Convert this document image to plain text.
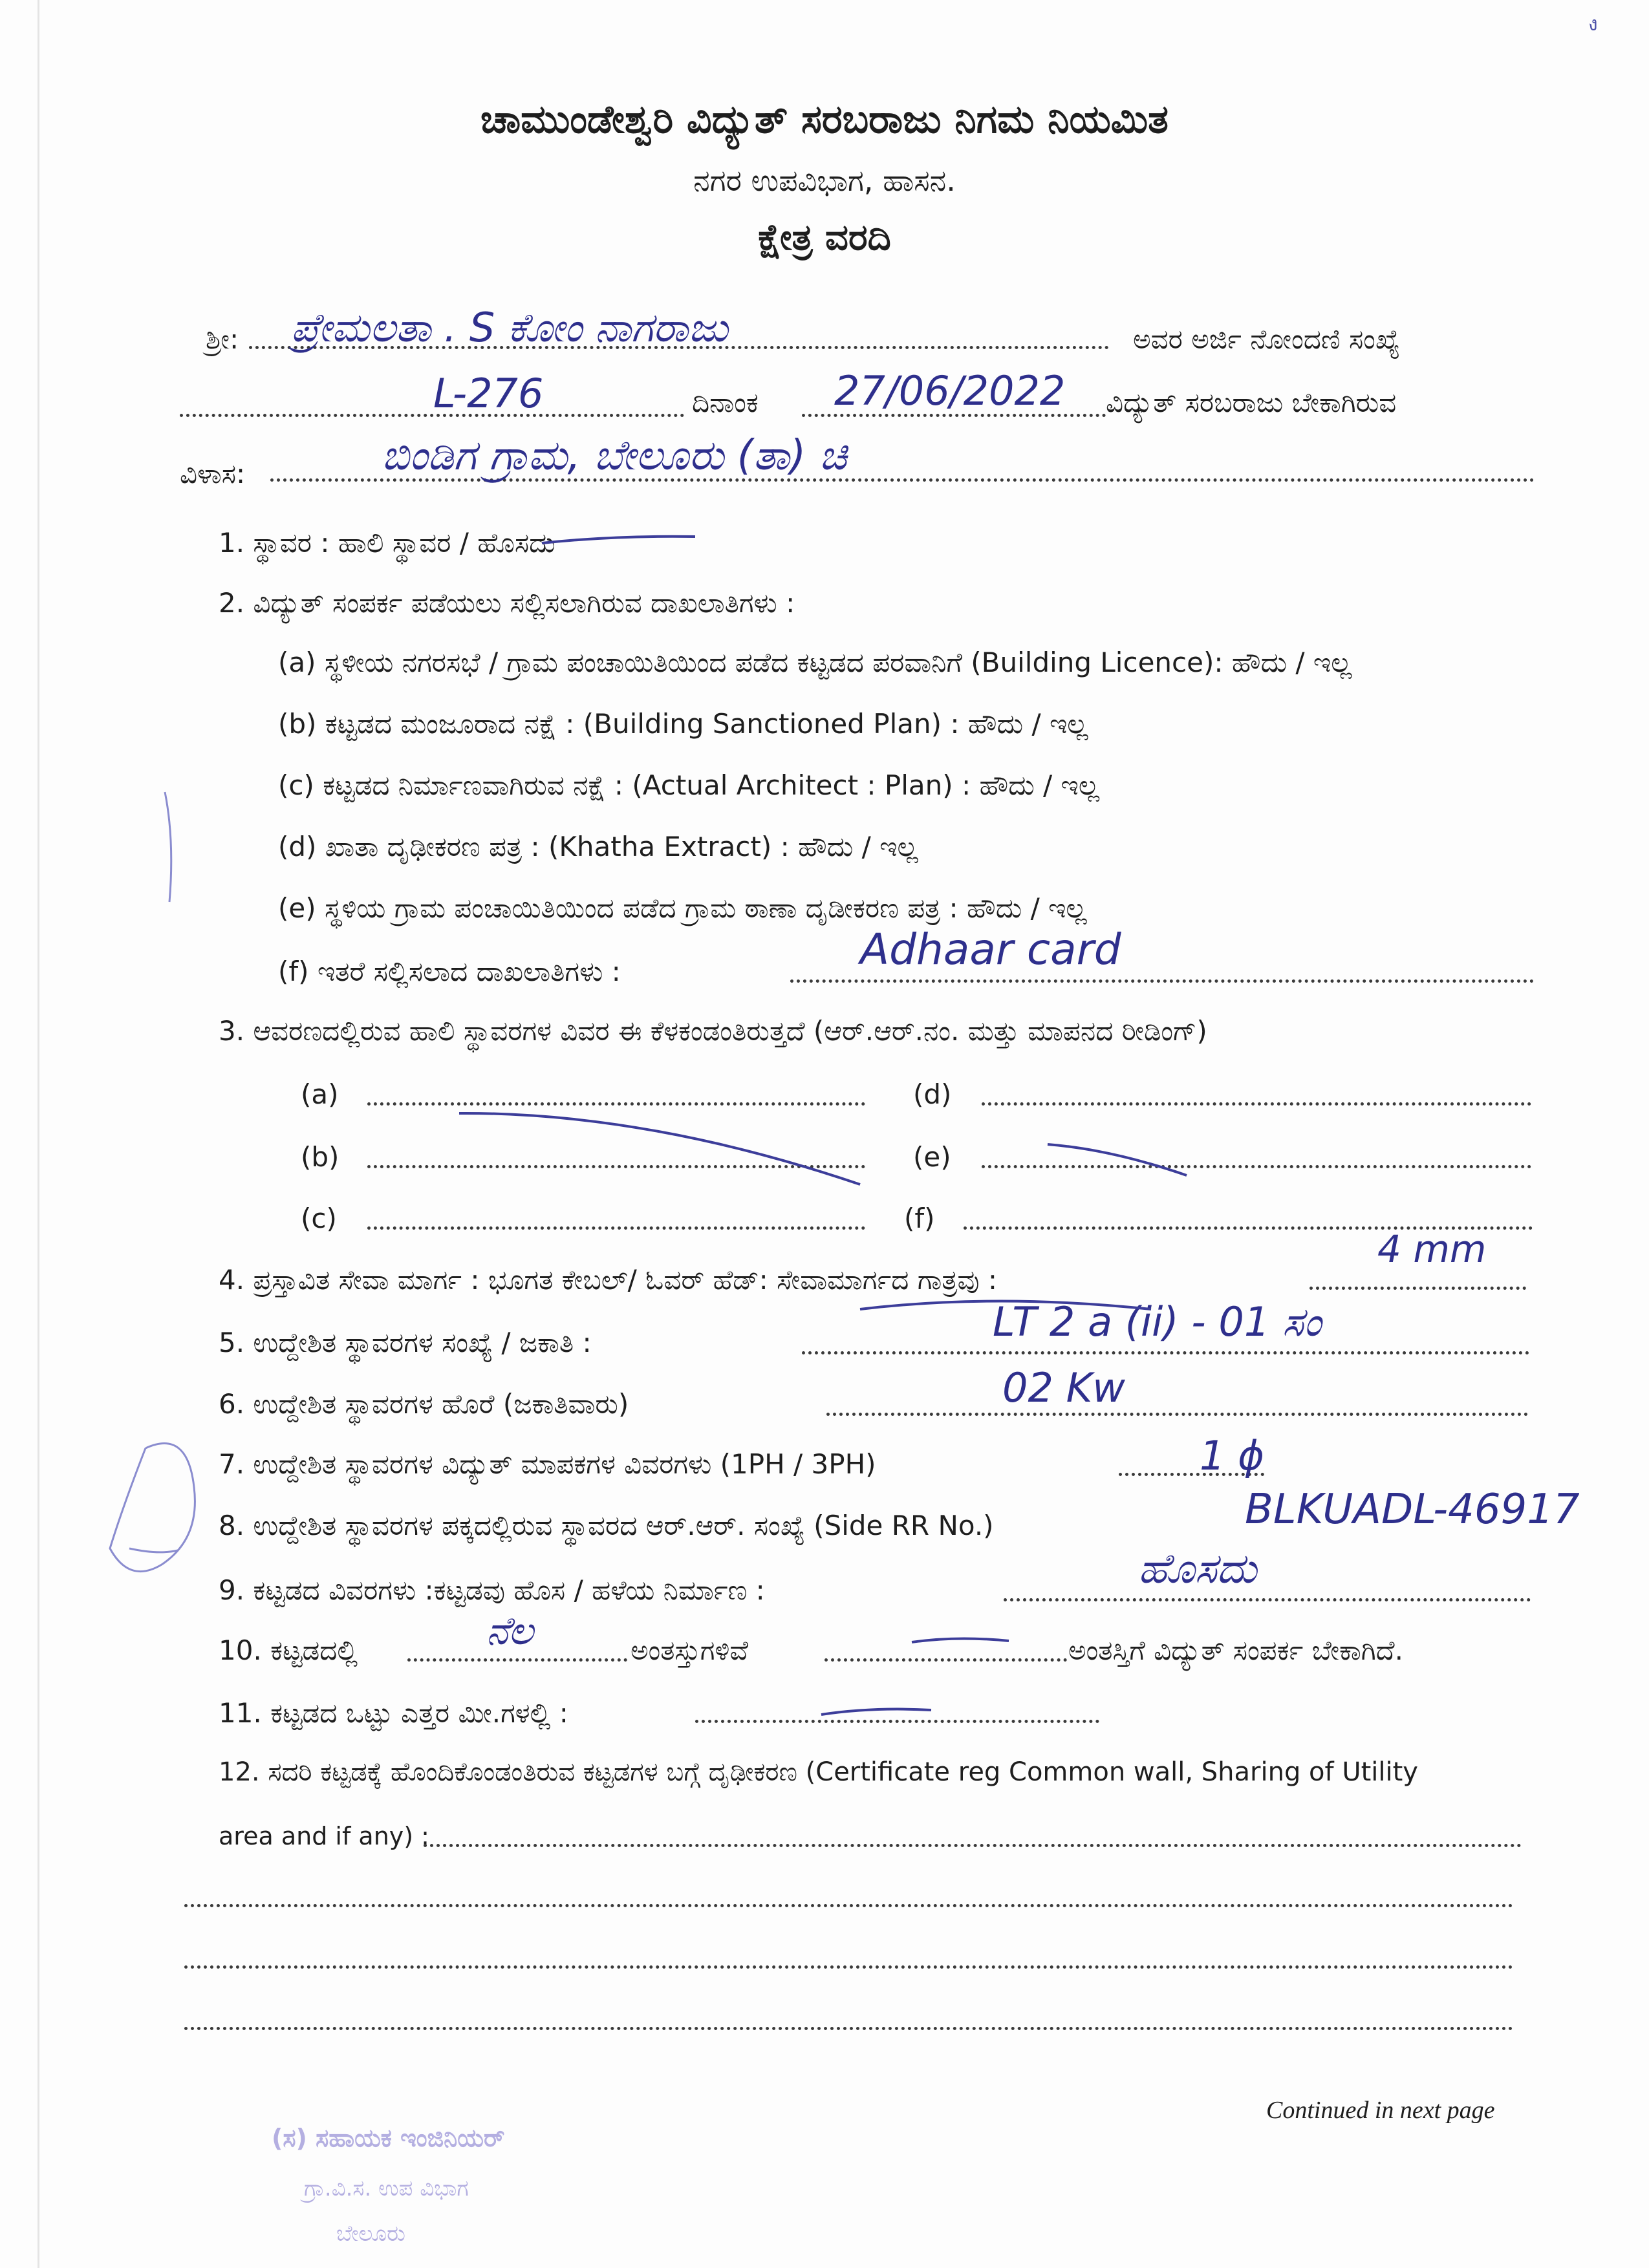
ง
ಚಾಮುಂಡೇಶ್ವರಿ ವಿದ್ಯುತ್ ಸರಬರಾಜು ನಿಗಮ ನಿಯಮಿತ
ನಗರ ಉಪವಿಭಾಗ, ಹಾಸನ.
ಕ್ಷೇತ್ರ ವರದಿ
ಶ್ರೀ: ಪ್ರೇಮಲತಾ . S ಕೋಂ ನಾಗರಾಜು	ಅವರ ಅರ್ಜಿ ನೋಂದಣಿ ಸಂಖ್ಯೆ
L-276	ದಿನಾಂಕ 27/06/2022 ವಿದ್ಯುತ್ ಸರಬರಾಜು ಬೇಕಾಗಿರುವ
ವಿಳಾಸ:	ಬಿಂಡಿಗ ಗ್ರಾಮ, ಬೇಲೂರು (ತಾ) ಚಿ
1. ಸ್ಥಾವರ : ಹಾಲಿ ಸ್ಥಾವರ / ಹೊಸದು
2. ವಿದ್ಯುತ್ ಸಂಪರ್ಕ ಪಡೆಯಲು ಸಲ್ಲಿಸಲಾಗಿರುವ ದಾಖಲಾತಿಗಳು :
(a) ಸ್ಥಳೀಯ ನಗರಸಭೆ / ಗ್ರಾಮ ಪಂಚಾಯಿತಿಯಿಂದ ಪಡೆದ ಕಟ್ಟಡದ ಪರವಾನಿಗೆ (Building Licence): ಹೌದು / ಇಲ್ಲ
(b) ಕಟ್ಟಡದ ಮಂಜೂರಾದ ನಕ್ಷೆ : (Building Sanctioned Plan) : ಹೌದು / ಇಲ್ಲ
(c) ಕಟ್ಟಡದ ನಿರ್ಮಾಣವಾಗಿರುವ ನಕ್ಷೆ : (Actual Architect : Plan) : ಹೌದು / ಇಲ್ಲ
(d) ಖಾತಾ ದೃಢೀಕರಣ ಪತ್ರ : (Khatha Extract) : ಹೌದು / ಇಲ್ಲ
(e) ಸ್ಥಳಿಯ ಗ್ರಾಮ ಪಂಚಾಯಿತಿಯಿಂದ ಪಡೆದ ಗ್ರಾಮ ಠಾಣಾ ದೃಡೀಕರಣ ಪತ್ರ : ಹೌದು / ಇಲ್ಲ
(f) ಇತರೆ ಸಲ್ಲಿಸಲಾದ ದಾಖಲಾತಿಗಳು :	Adhaar card
3. ಆವರಣದಲ್ಲಿರುವ ಹಾಲಿ ಸ್ಥಾವರಗಳ ವಿವರ ಈ ಕೆಳಕಂಡಂತಿರುತ್ತದೆ (ಆರ್.ಆರ್.ನಂ. ಮತ್ತು ಮಾಪನದ ರೀಡಿಂಗ್)
(a)	(d)
(b)	(e)
(c)	(f)
4. ಪ್ರಸ್ತಾವಿತ ಸೇವಾ ಮಾರ್ಗ : ಭೂಗತ ಕೇಬಲ್/ ಓವರ್ ಹೆಡ್: ಸೇವಾಮಾರ್ಗದ ಗಾತ್ರವು :
4 mm
5. ಉದ್ದೇಶಿತ ಸ್ಥಾವರಗಳ ಸಂಖ್ಯೆ / ಜಕಾತಿ :	LT 2 a (ii) - 01 ಸಂ
6. ಉದ್ದೇಶಿತ ಸ್ಥಾವರಗಳ ಹೊರೆ (ಜಕಾತಿವಾರು)	02 Kw
7. ಉದ್ದೇಶಿತ ಸ್ಥಾವರಗಳ ವಿದ್ಯುತ್ ಮಾಪಕಗಳ ವಿವರಗಳು (1PH / 3PH)	1 ϕ
8. ಉದ್ದೇಶಿತ ಸ್ಥಾವರಗಳ ಪಕ್ಕದಲ್ಲಿರುವ ಸ್ಥಾವರದ ಆರ್.ಆರ್. ಸಂಖ್ಯೆ (Side RR No.)	BLKUADL-46917
9. ಕಟ್ಟಡದ ವಿವರಗಳು :ಕಟ್ಟಡವು ಹೊಸ / ಹಳೆಯ ನಿರ್ಮಾಣ :	ಹೊಸದು
10. ಕಟ್ಟಡದಲ್ಲಿ	ನೆಲ	ಅಂತಸ್ತುಗಳಿವೆ	ಅಂತಸ್ತಿಗೆ ವಿದ್ಯುತ್ ಸಂಪರ್ಕ ಬೇಕಾಗಿದೆ.
11. ಕಟ್ಟಡದ ಒಟ್ಟು ಎತ್ತರ ಮೀ.ಗಳಲ್ಲಿ :
12. ಸದರಿ ಕಟ್ಟಡಕ್ಕೆ ಹೊಂದಿಕೊಂಡಂತಿರುವ ಕಟ್ಟಡಗಳ ಬಗ್ಗೆ ದೃಢೀಕರಣ (Certificate reg Common wall, Sharing of Utility
area and if any) :
Continued in next page
(ಸ) ಸಹಾಯಕ ಇಂಜಿನಿಯರ್
ಗ್ರಾ.ವಿ.ಸ. ಉಪ ವಿಭಾಗ
ಬೇಲೂರು
